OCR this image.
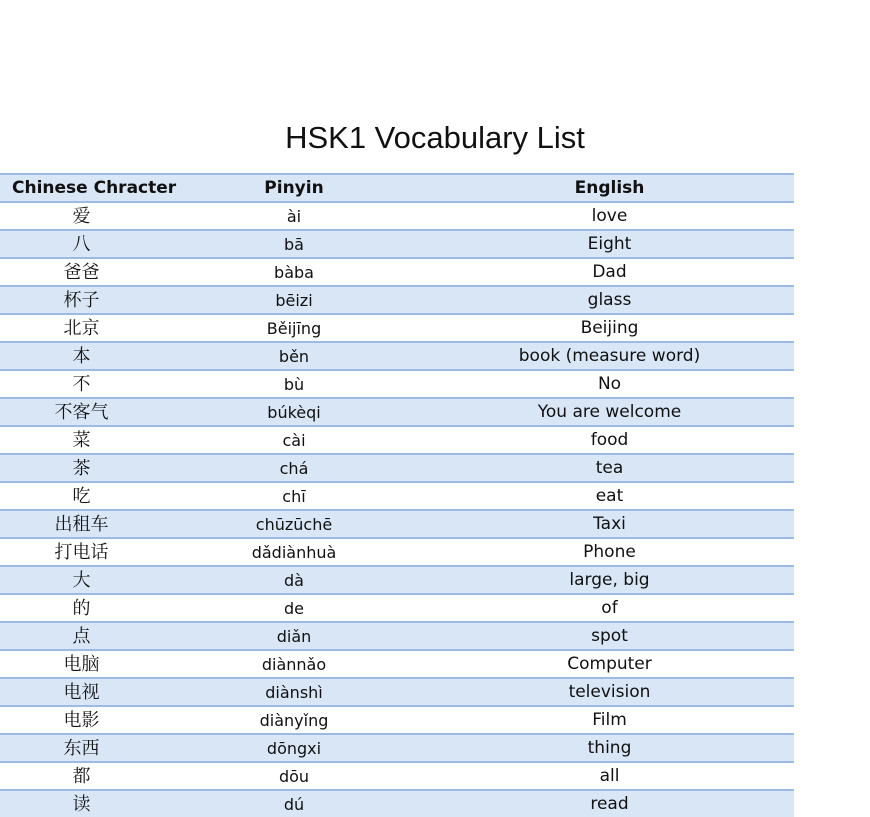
HSK1 Vocabulary List
Chinese Chracter	Pinyin	English
爱	ài	love
八	bā	Eight
爸爸	bàba	Dad
杯子	bēizi	glass
北京	Běijīng	Beijing
本	běn	book (measure word)
不	bù	No
不客气	búkèqi	You are welcome
菜	cài	food
茶	chá	tea
吃	chī	eat
出租车	chūzūchē	Taxi
打电话	dǎdiànhuà	Phone
大	dà	large, big
的	de	of
点	diǎn	spot
电脑	diànnǎo	Computer
电视	diànshì	television
电影	diànyǐng	Film
东西	dōngxi	thing
都	dōu	all
读	dú	read
